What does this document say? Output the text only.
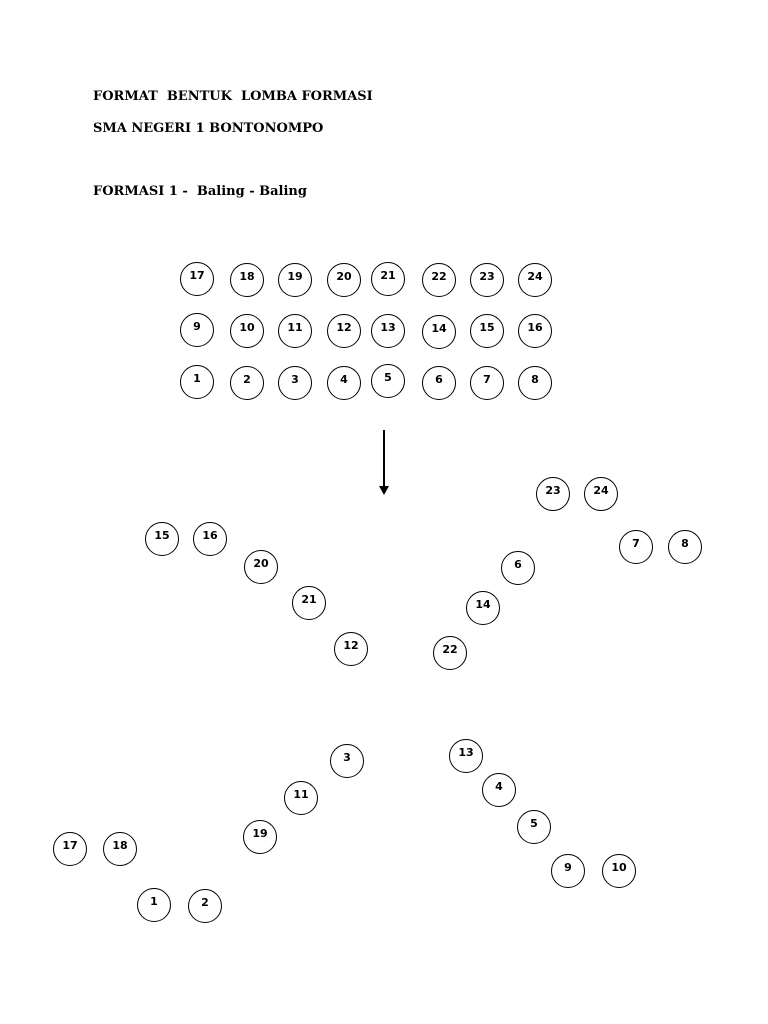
FORMAT  BENTUK  LOMBA FORMASI
SMA NEGERI 1 BONTONOMPO
FORMASI 1 -  Baling - Baling
17	18	19	20	21	22	23	24
9	10	11	12	13	14	15	16
1	2	3	4	5	6	7	8
23	24
15	16
7	8
20	6
21	14
12	22
3	13
4
11
5
17	18
19
9	10
1	2
